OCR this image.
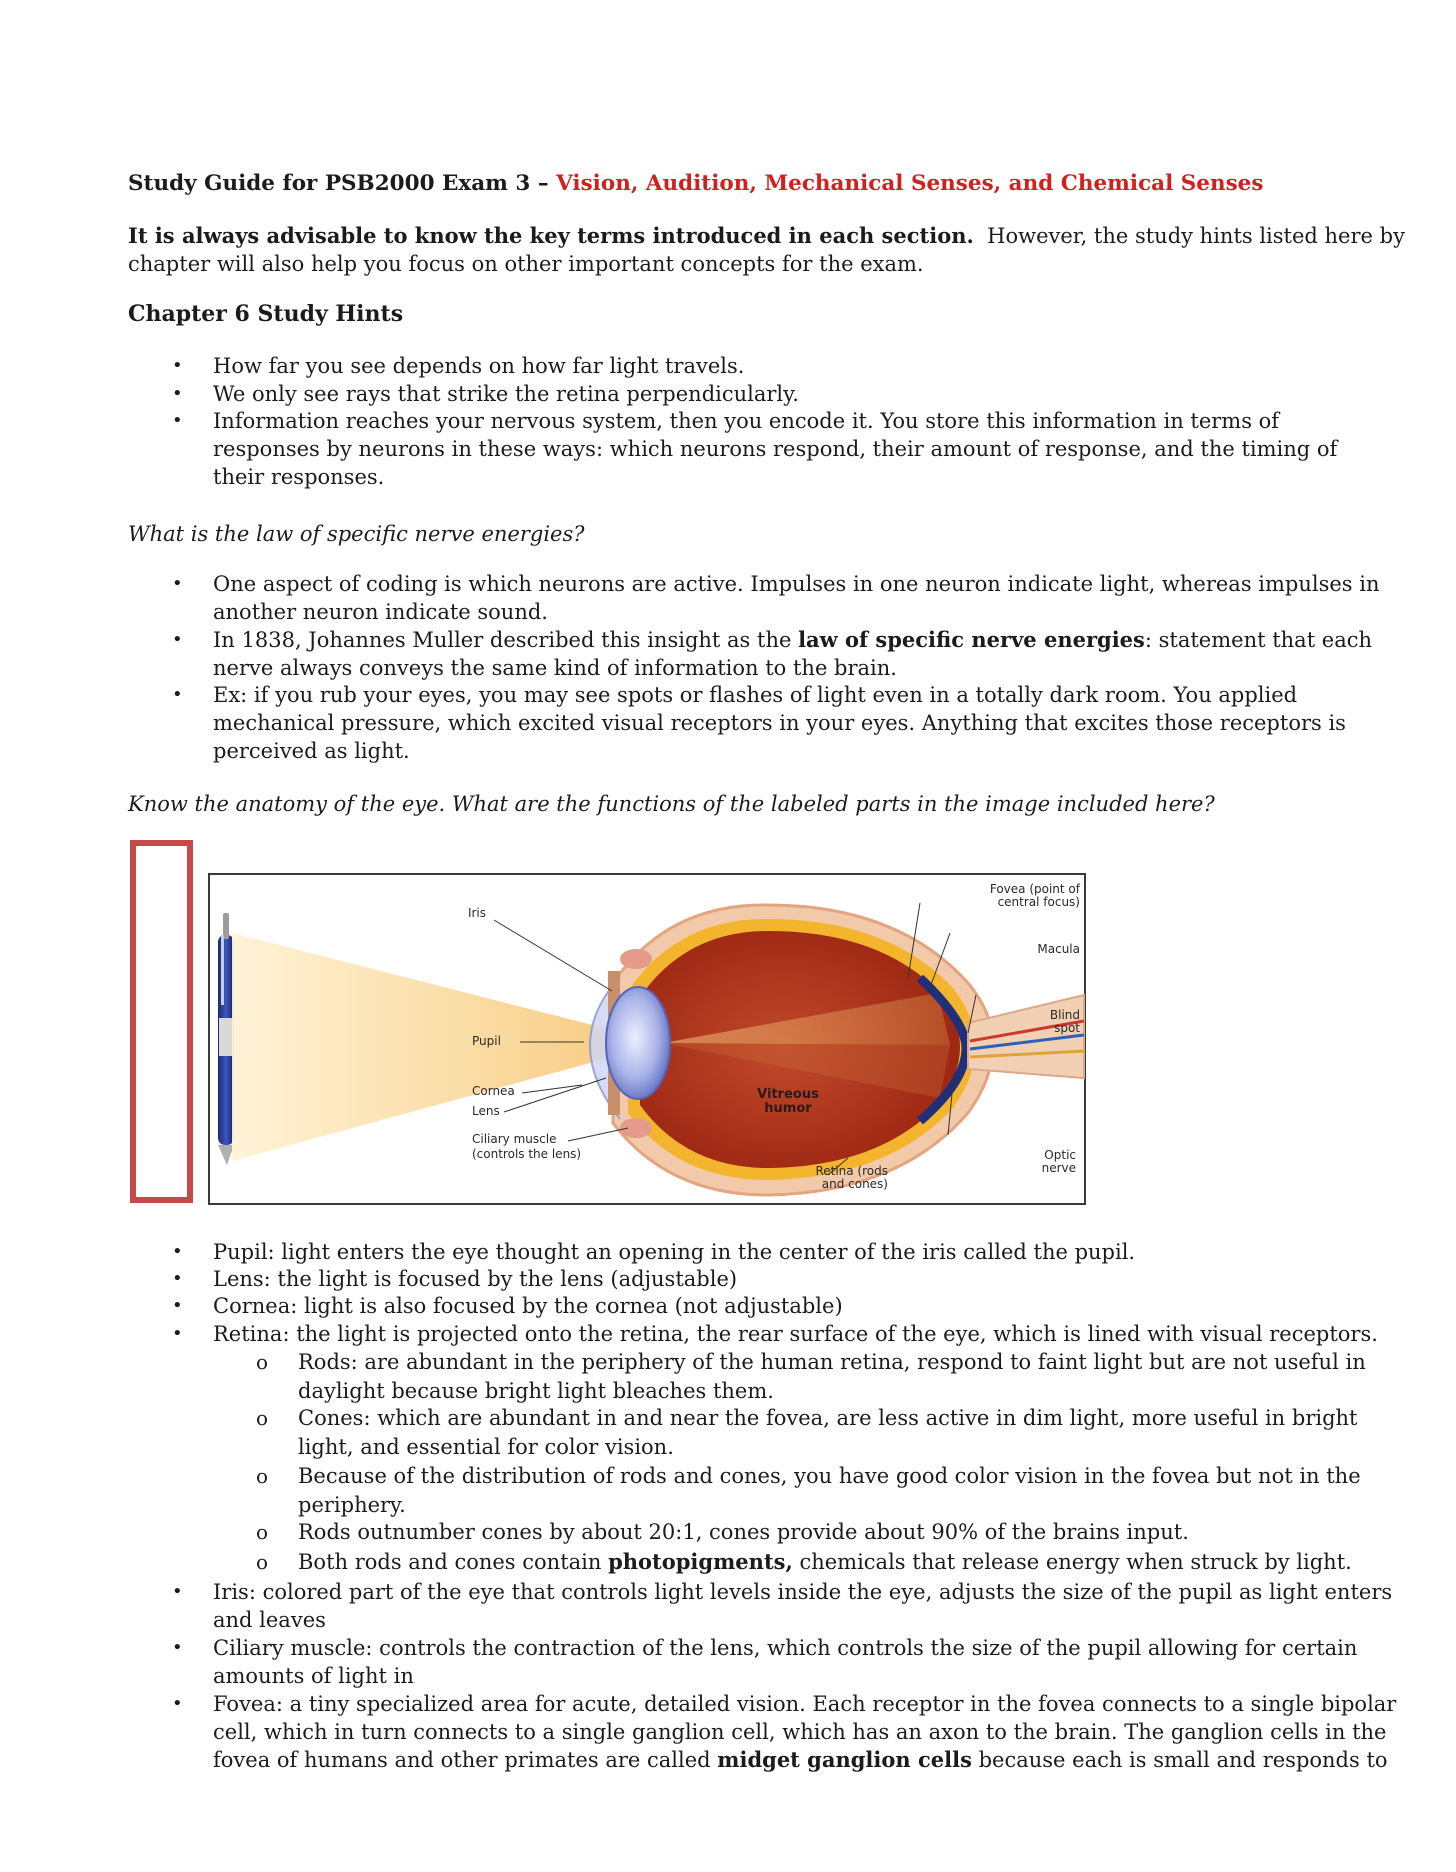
Study Guide for PSB2000 Exam 3 – Vision, Audition, Mechanical Senses, and Chemical Senses
It is always advisable to know the key terms introduced in each section. However, the study hints listed here by
chapter will also help you focus on other important concepts for the exam.
Chapter 6 Study Hints
• How far you see depends on how far light travels.
• We only see rays that strike the retina perpendicularly.
• Information reaches your nervous system, then you encode it. You store this information in terms of
responses by neurons in these ways: which neurons respond, their amount of response, and the timing of
their responses.
What is the law of specific nerve energies?
• One aspect of coding is which neurons are active. Impulses in one neuron indicate light, whereas impulses in
another neuron indicate sound.
• In 1838, Johannes Muller described this insight as the law of specific nerve energies: statement that each
nerve always conveys the same kind of information to the brain.
• Ex: if you rub your eyes, you may see spots or flashes of light even in a totally dark room. You applied
mechanical pressure, which excited visual receptors in your eyes. Anything that excites those receptors is
perceived as light.
Know the anatomy of the eye. What are the functions of the labeled parts in the image included here?
Iris
Pupil
Cornea
Lens
Ciliary muscle
(controls the lens)
Vitreous
humor
Fovea (point of
central focus)
Macula
Blind
spot
Optic
nerve
Retina (rods
and cones)
• Pupil: light enters the eye thought an opening in the center of the iris called the pupil.
• Lens: the light is focused by the lens (adjustable)
• Cornea: light is also focused by the cornea (not adjustable)
• Retina: the light is projected onto the retina, the rear surface of the eye, which is lined with visual receptors.
o Rods: are abundant in the periphery of the human retina, respond to faint light but are not useful in
daylight because bright light bleaches them.
o Cones: which are abundant in and near the fovea, are less active in dim light, more useful in bright
light, and essential for color vision.
o Because of the distribution of rods and cones, you have good color vision in the fovea but not in the
periphery.
o Rods outnumber cones by about 20:1, cones provide about 90% of the brains input.
o Both rods and cones contain photopigments, chemicals that release energy when struck by light.
• Iris: colored part of the eye that controls light levels inside the eye, adjusts the size of the pupil as light enters
and leaves
• Ciliary muscle: controls the contraction of the lens, which controls the size of the pupil allowing for certain
amounts of light in
• Fovea: a tiny specialized area for acute, detailed vision. Each receptor in the fovea connects to a single bipolar
cell, which in turn connects to a single ganglion cell, which has an axon to the brain. The ganglion cells in the
fovea of humans and other primates are called midget ganglion cells because each is small and responds to
